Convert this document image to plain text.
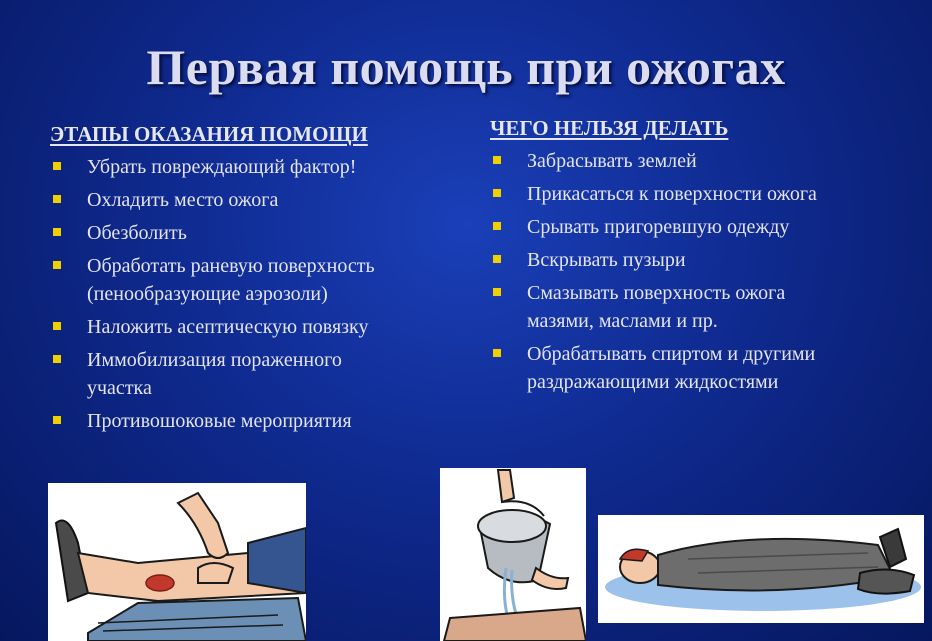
Первая помощь при ожогах
ЭТАПЫ ОКАЗАНИЯ ПОМОЩИ
Убрать повреждающий фактор!
Охладить место ожога
Обезболить
Обработать раневую поверхность
(пенообразующие аэрозоли)
Наложить асептическую повязку
Иммобилизация пораженного
участка
Противошоковые мероприятия
ЧЕГО НЕЛЬЗЯ ДЕЛАТЬ
Забрасывать землей
Прикасаться к поверхности ожога
Срывать пригоревшую одежду
Вскрывать пузыри
Смазывать поверхность ожога
мазями, маслами и пр.
Обрабатывать спиртом и другими
раздражающими жидкостями
